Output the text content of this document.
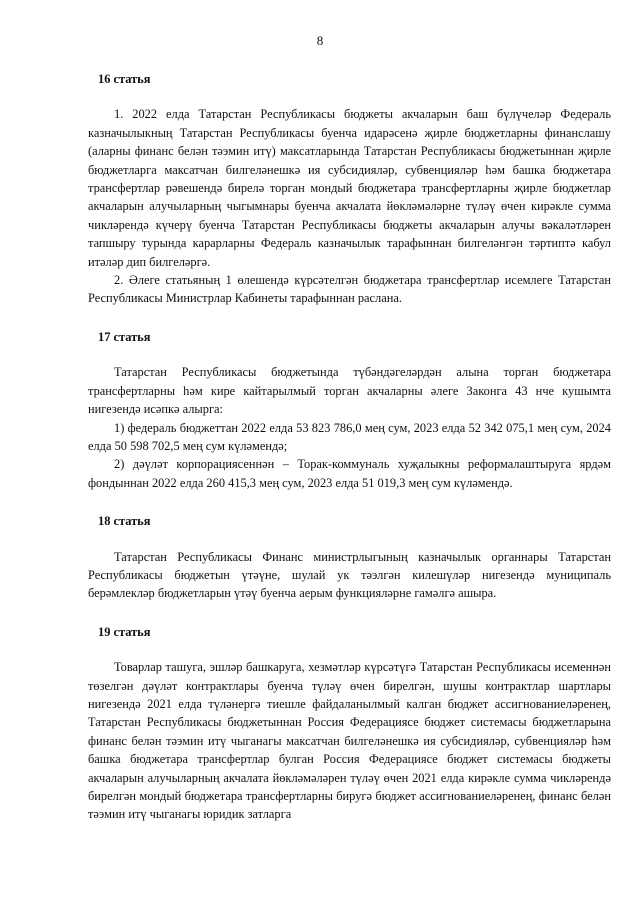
8

16 статья

1. 2022 елда Татарстан Республикасы бюджеты акчаларын баш бүлүчеләр Федераль казначылыкның Татарстан Республикасы буенча идарәсенә җирле бюджетларны финанслашу (аларны финанс белән тәэмин итү) максатларында Татарстан Республикасы бюджетыннан җирле бюджетларга максатчан билгеләнешкә ия субсидияләр, субвенцияләр һәм башка бюджетара трансфертлар рәвешендә бирелә торган мондый бюджетара трансфертларны җирле бюджетлар акчаларын алучыларның чыгымнары буенча акчалата йөкләмәләрне түләү өчен кирәкле сумма чикләрендә күчерү буенча Татарстан Республикасы бюджеты акчаларын алучы вәкаләтләрен тапшыру турында карарларны Федераль казначылык тарафыннан билгеләнгән тәртиптә кабул итәләр дип билгеләргә.

2. Әлеге статьяның 1 өлешендә күрсәтелгән бюджетара трансфертлар исемлеге Татарстан Республикасы Министрлар Кабинеты тарафыннан раслана.

17 статья

Татарстан Республикасы бюджетында түбәндәгеләрдән алына торган бюджетара трансфертларны һәм кире кайтарылмый торган акчаларны әлеге Законга 43 нче кушымта нигезендә исәпкә алырга:

1) федераль бюджеттан 2022 елда 53 823 786,0 мең сум, 2023 елда 52 342 075,1 мең сум, 2024 елда 50 598 702,5 мең сум күләмендә;

2) дәүләт корпорациясеннән – Торак-коммуналь хуҗалыкны реформалаштыруга ярдәм фондыннан 2022 елда 260 415,3 мең сум, 2023 елда 51 019,3 мең сум күләмендә.

18 статья

Татарстан Республикасы Финанс министрлыгының казначылык органнары Татарстан Республикасы бюджетын үтәүне, шулай ук тәэлгән килешүләр нигезендә муниципаль берәмлекләр бюджетларын үтәү буенча аерым функцияләрне гамәлгә ашыра.

19 статья

Товарлар ташуга, эшләр башкаруга, хезмәтләр күрсәтүгә Татарстан Республикасы исеменнән төзелгән дәүләт контрактлары буенча түләү өчен бирелгән, шушы контрактлар шартлары нигезендә 2021 елда түләнергә тиешле файдаланылмый калган бюджет ассигнованиеләренең, Татарстан Республикасы бюджетыннан Россия Федерациясе бюджет системасы бюджетларына финанс белән тәэмин итү чыганагы максатчан билгеләнешкә ия субсидияләр, субвенцияләр һәм башка бюджетара трансфертлар булган Россия Федерациясе бюджет системасы бюджеты акчаларын алучыларның акчалата йөкләмәләрен түләү өчен 2021 елда кирәкле сумма чикләрендә бирелгән мондый бюджетара трансфертларны биругә бюджет ассигнованиеләренең, финанс белән тәэмин итү чыганагы юридик затларга
